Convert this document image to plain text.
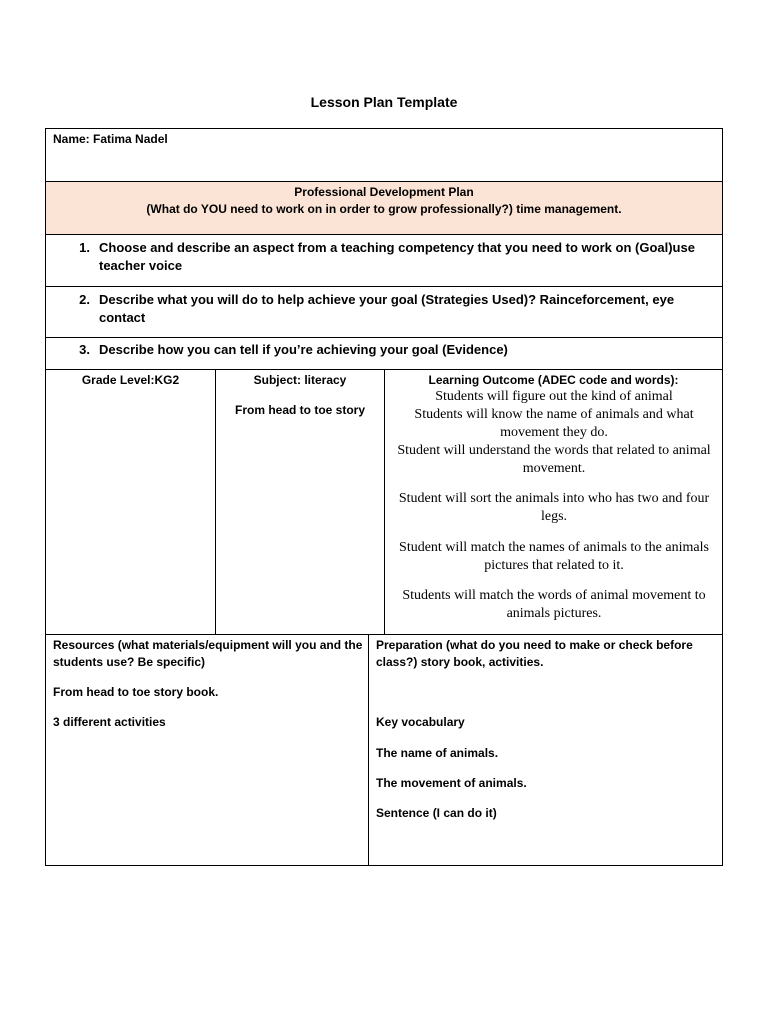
Lesson Plan Template
Name: Fatima Nadel
Professional Development Plan
(What do YOU need to work on in order to grow professionally?) time management.
1. Choose and describe an aspect from a teaching competency that you need to work on (Goal)use teacher voice
2. Describe what you will do to help achieve your goal (Strategies Used)? Rainceforcement, eye contact
3. Describe how you can tell if you’re achieving your goal (Evidence)
Grade Level:KG2	Subject: literacy
From head to toe story
Learning Outcome (ADEC code and words):

Students will figure out the kind of animal

Students will know the name of animals and what movement they do.

Student will understand the words that related to animal movement.

Student will sort the animals into who has two and four legs.
Student will match the names of animals to the animals pictures that related to it.
Students will match the words of animal movement to animals pictures.
Resources (what materials/equipment will you and the students use? Be specific)
From head to toe story book.
3 different activities
Preparation (what do you need to make or check before class?) story book, activities.
Key vocabulary
The name of animals.
The movement of animals.
Sentence (I can do it)
